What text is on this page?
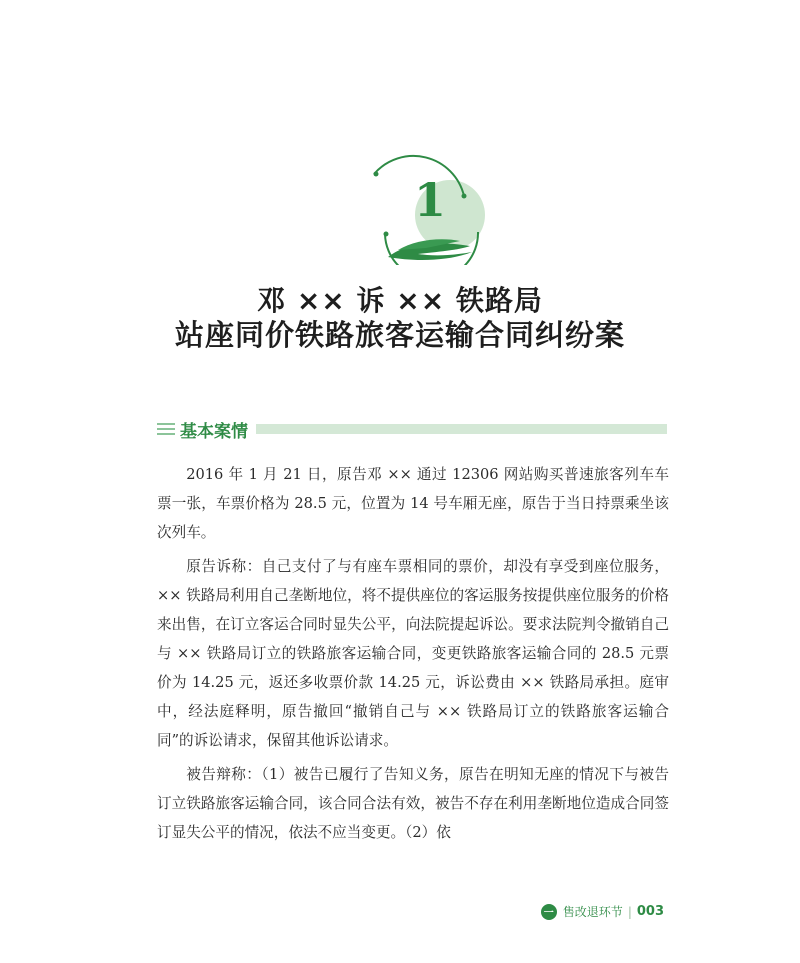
1
邓 ×× 诉 ×× 铁路局
站座同价铁路旅客运输合同纠纷案
基本案情

2016 年 1 月 21 日，原告邓 ×× 通过 12306 网站购买普速旅客列车车票一张，车票价格为 28.5 元，位置为 14 号车厢无座，原告于当日持票乘坐该次列车。

原告诉称：自己支付了与有座车票相同的票价，却没有享受到座位服务，×× 铁路局利用自己垄断地位，将不提供座位的客运服务按提供座位服务的价格来出售，在订立客运合同时显失公平，向法院提起诉讼。要求法院判令撤销自己与 ×× 铁路局订立的铁路旅客运输合同，变更铁路旅客运输合同的 28.5 元票价为 14.25 元，返还多收票价款 14.25 元，诉讼费由 ×× 铁路局承担。庭审中，经法庭释明，原告撤回“撤销自己与 ×× 铁路局订立的铁路旅客运输合同”的诉讼请求，保留其他诉讼请求。

被告辩称：（1）被告已履行了告知义务，原告在明知无座的情况下与被告订立铁路旅客运输合同，该合同合法有效，被告不存在利用垄断地位造成合同签订显失公平的情况，依法不应当变更。（2）依

一 售改退环节 | 003
